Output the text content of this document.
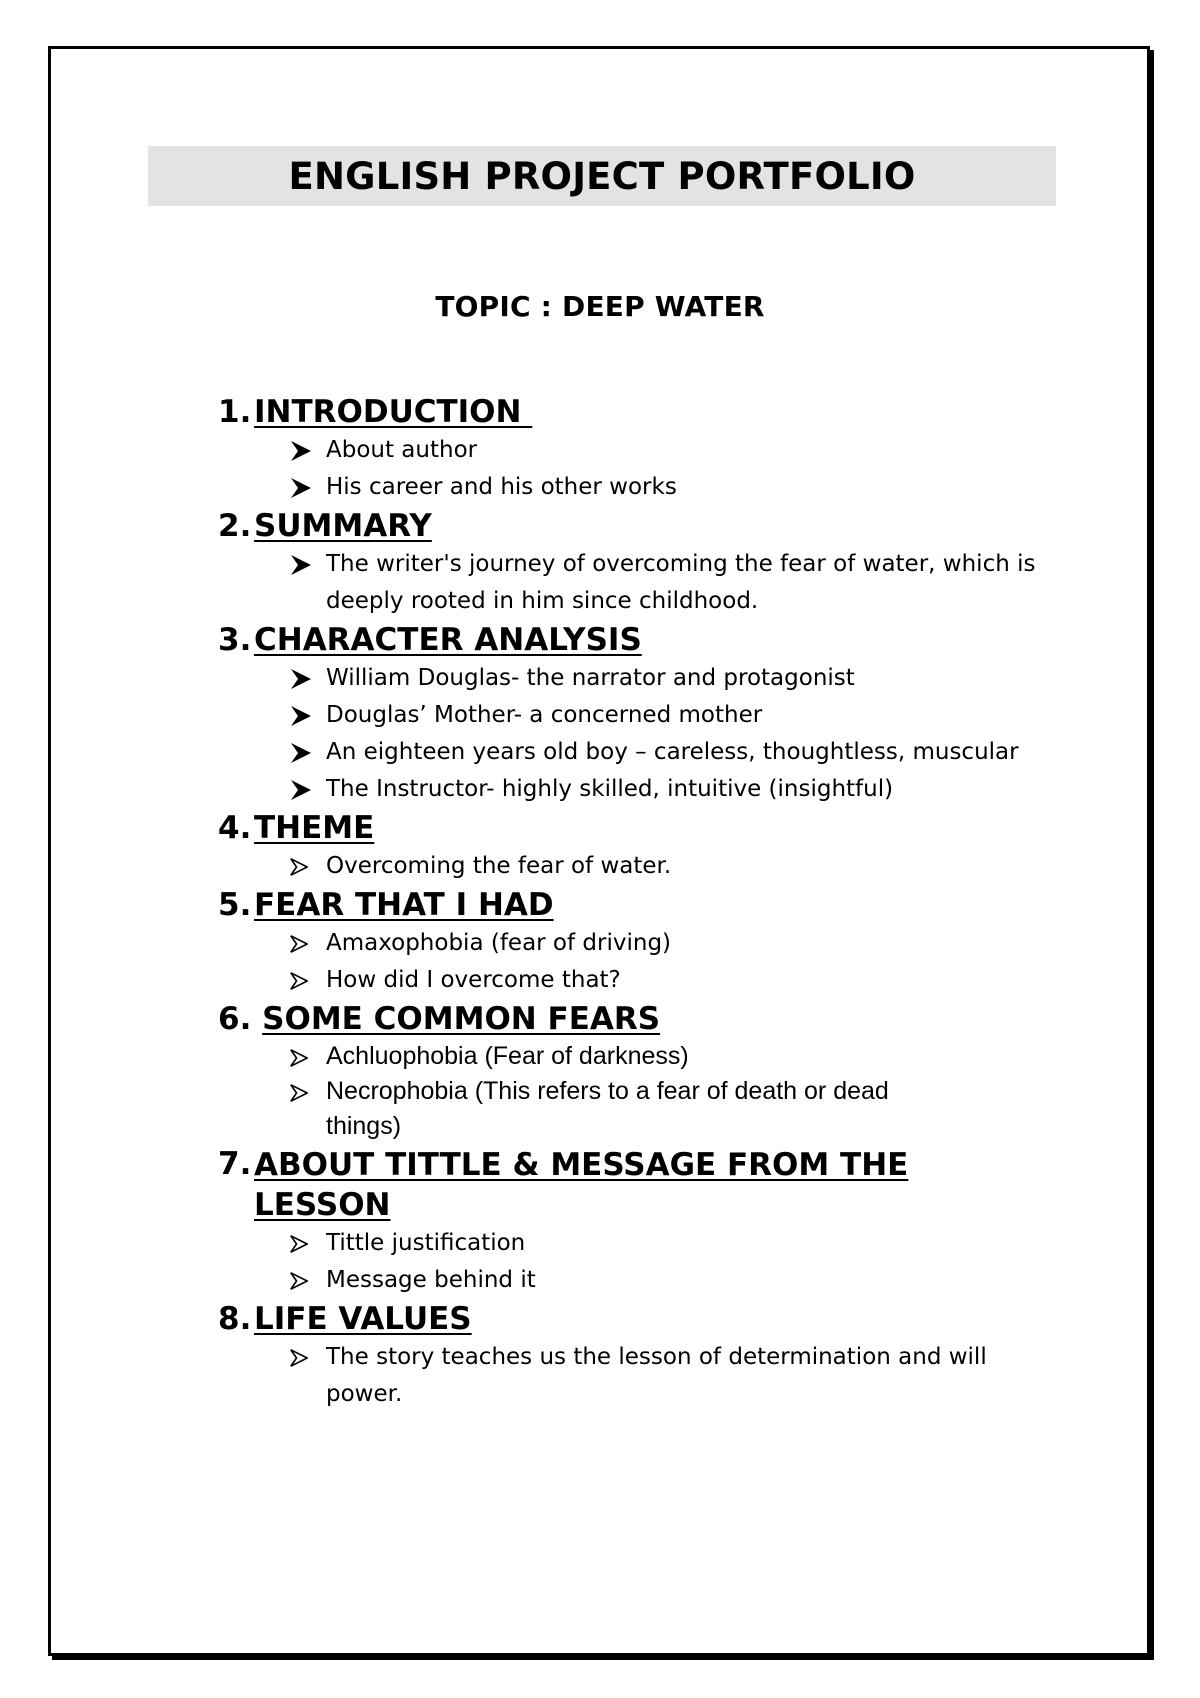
ENGLISH PROJECT PORTFOLIO
TOPIC : DEEP WATER
1. INTRODUCTION
About author
His career and his other works
2. SUMMARY
The writer's journey of overcoming the fear of water, which is deeply rooted in him since childhood.
3. CHARACTER ANALYSIS
William Douglas- the narrator and protagonist
Douglas’ Mother- a concerned mother
An eighteen years old boy – careless, thoughtless, muscular
The Instructor- highly skilled, intuitive (insightful)
4. THEME
Overcoming the fear of water.
5. FEAR THAT I HAD
Amaxophobia (fear of driving)
How did I overcome that?
6. SOME COMMON FEARS
Achluophobia (Fear of darkness)
Necrophobia (This refers to a fear of death or dead things)
7. ABOUT TITTLE & MESSAGE FROM THE LESSON
Tittle justification
Message behind it
8. LIFE VALUES
The story teaches us the lesson of determination and will power.
